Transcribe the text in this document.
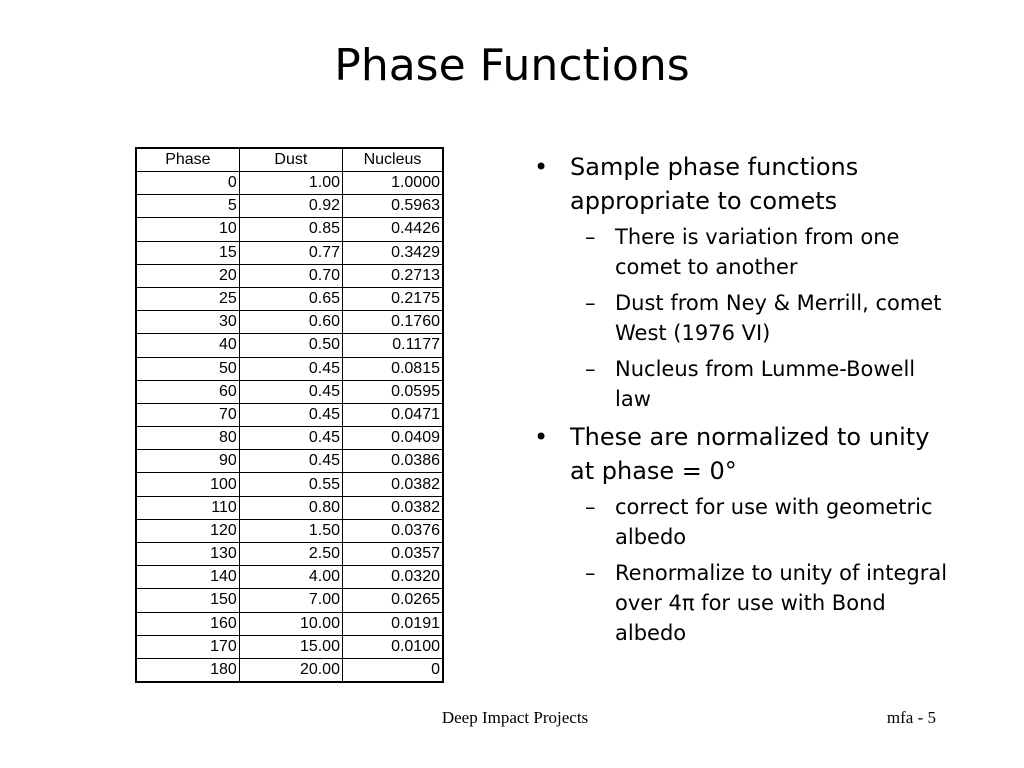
Phase Functions
Phase	Dust	Nucleus
0	1.00	1.0000
5	0.92	0.5963
10	0.85	0.4426
15	0.77	0.3429
20	0.70	0.2713
25	0.65	0.2175
30	0.60	0.1760
40	0.50	0.1177
50	0.45	0.0815
60	0.45	0.0595
70	0.45	0.0471
80	0.45	0.0409
90	0.45	0.0386
100	0.55	0.0382
110	0.80	0.0382
120	1.50	0.0376
130	2.50	0.0357
140	4.00	0.0320
150	7.00	0.0265
160	10.00	0.0191
170	15.00	0.0100
180	20.00	0
• Sample phase functions appropriate to comets
– There is variation from one comet to another
– Dust from Ney & Merrill, comet West (1976 VI)
– Nucleus from Lumme-Bowell law
• These are normalized to unity at phase = 0°
– correct for use with geometric albedo
– Renormalize to unity of integral over 4π for use with Bond albedo
Deep Impact Projects	mfa - 5
